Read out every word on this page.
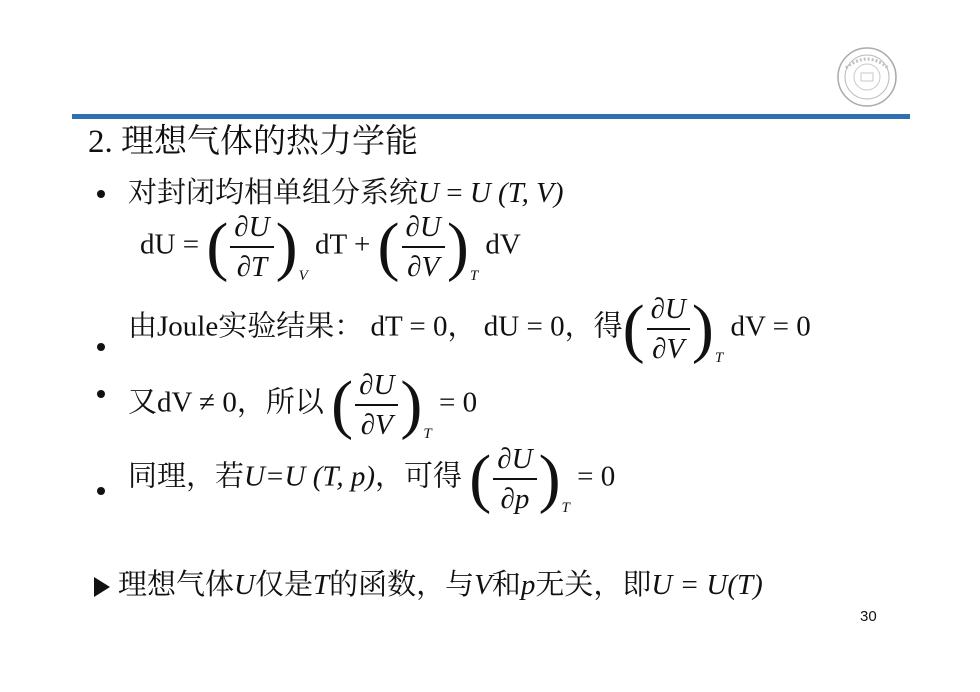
2. 理想气体的热力学能
对封闭均相单组分系统U = U (T, V)
dU = ( $\frac{\partial U}{\partial T} )_V$ dT + ( $\frac{\partial U}{\partial V} )_T$ dV
由Joule实验结果： dT = 0， dU = 0，得( $\frac{\partial U}{\partial V} )_T$ dV = 0
又dV ≠ 0，所以 ( $\frac{\partial U}{\partial V} )_T = 0$
同理，若U=U (T, p)，可得 ( $\frac{\partial U}{\partial p} )_T = 0$
理想气体U仅是T的函数，与V和p无关，即U = U(T)
30
